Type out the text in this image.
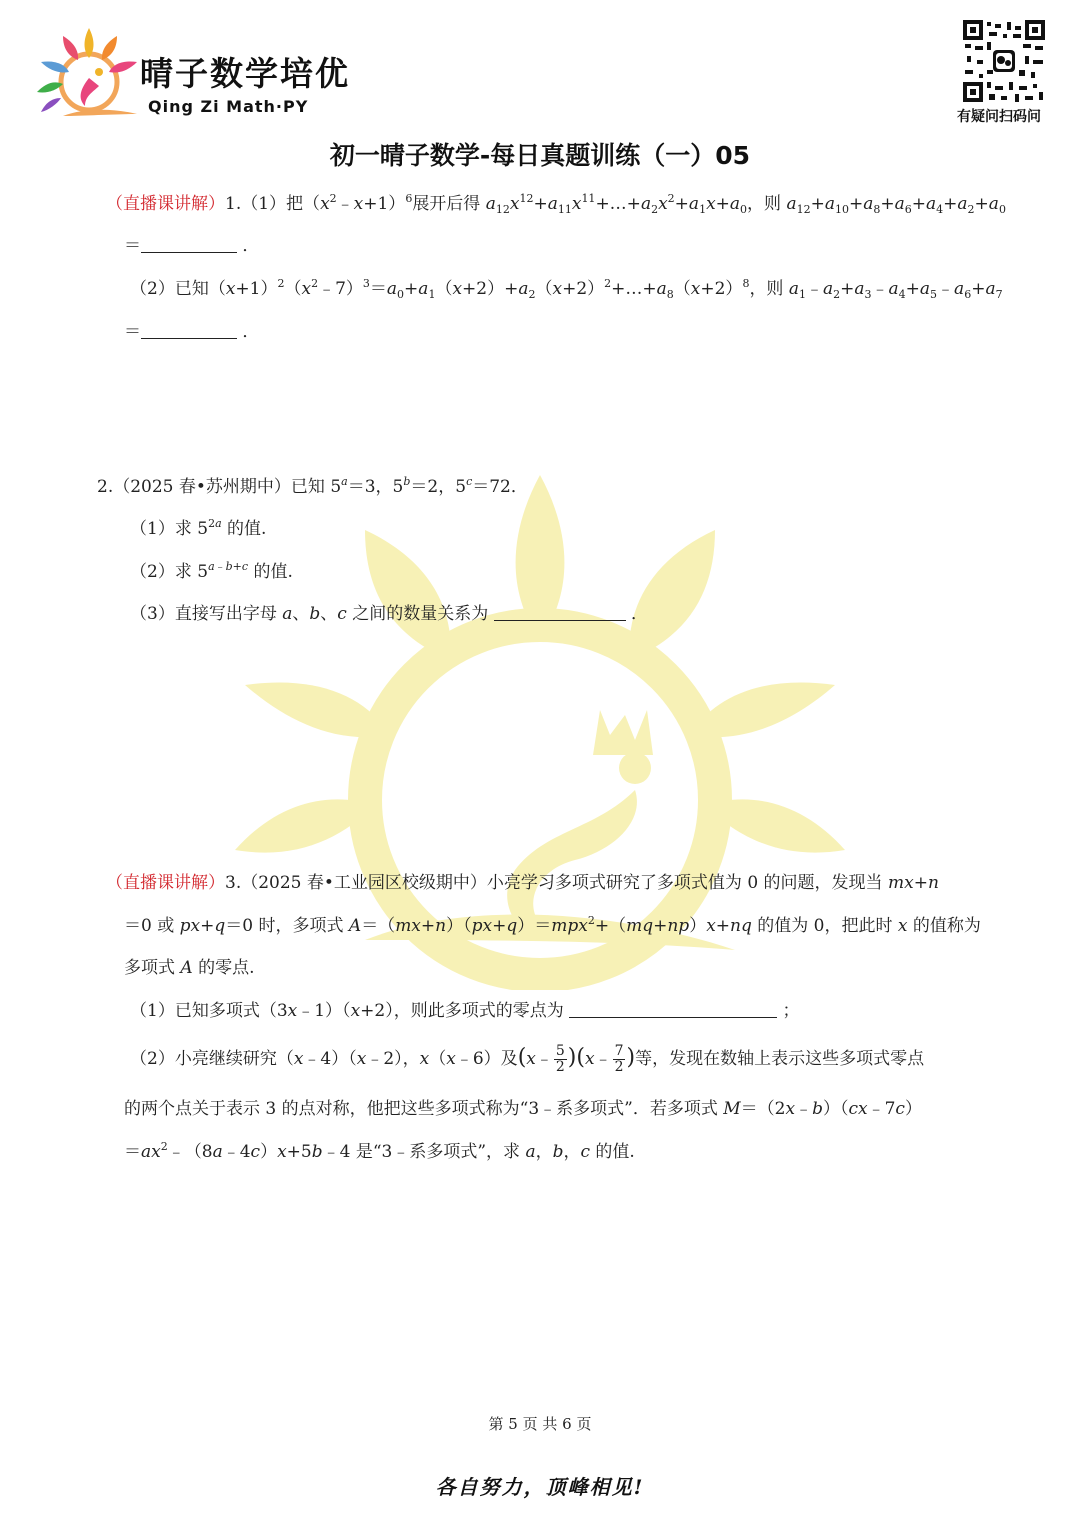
晴子数学培优
Qing Zi Math·PY
有疑问扫码问
初一晴子数学-每日真题训练（一）05
（直播课讲解）1.（1）把$(x^2﹣x+1)^6$展开后得 $a_{12}x^{12}+a_{11}x^{11}+\dots+a_2x^2+a_1x+a_0$，则 $a_{12}+a_{10}+a_8+a_6+a_4+a_2+a_0$
＝	．
（2）已知$(x+1)^2(x^2﹣7)^3=a_0+a_1(x+2)+a_2(x+2)^2+\dots+a_8(x+2)^8$，则 $a_1﹣a_2+a_3﹣a_4+a_5﹣a_6+a_7$
＝	．
2.（2025 春•苏州期中）已知 $5^a=3$，$5^b=2$，$5^c=72$．
（1）求 $5^{2a}$ 的值.
（2）求 $5^{a﹣b+c}$ 的值.
（3）直接写出字母 a、b、c 之间的数量关系为	．
（直播课讲解）3.（2025 春•工业园区校级期中）小亮学习多项式研究了多项式值为 0 的问题，发现当 mx+n
＝0 或 px+q＝0 时，多项式 A＝（mx+n）（px+q）＝mpx$^2$+（mq+np）x+nq 的值为 0，把此时 x 的值称为
多项式 A 的零点.
（1）已知多项式（3x﹣1）（x+2），则此多项式的零点为	；
（2）小亮继续研究（x﹣4）（x﹣2），x（x﹣6）及(x﹣ $\frac{5}{2}$ )(x﹣ $\frac{7}{2}$ )等，发现在数轴上表示这些多项式零点
的两个点关于表示 3 的点对称，他把这些多项式称为“3﹣系多项式”．若多项式 M＝（2x﹣b）（cx﹣7c）
$=ax^2﹣(8a﹣4c)x+5b﹣4$ 是“3﹣系多项式”，求 a，b，c 的值.
第 5 页 共 6 页
各自努力，顶峰相见!
